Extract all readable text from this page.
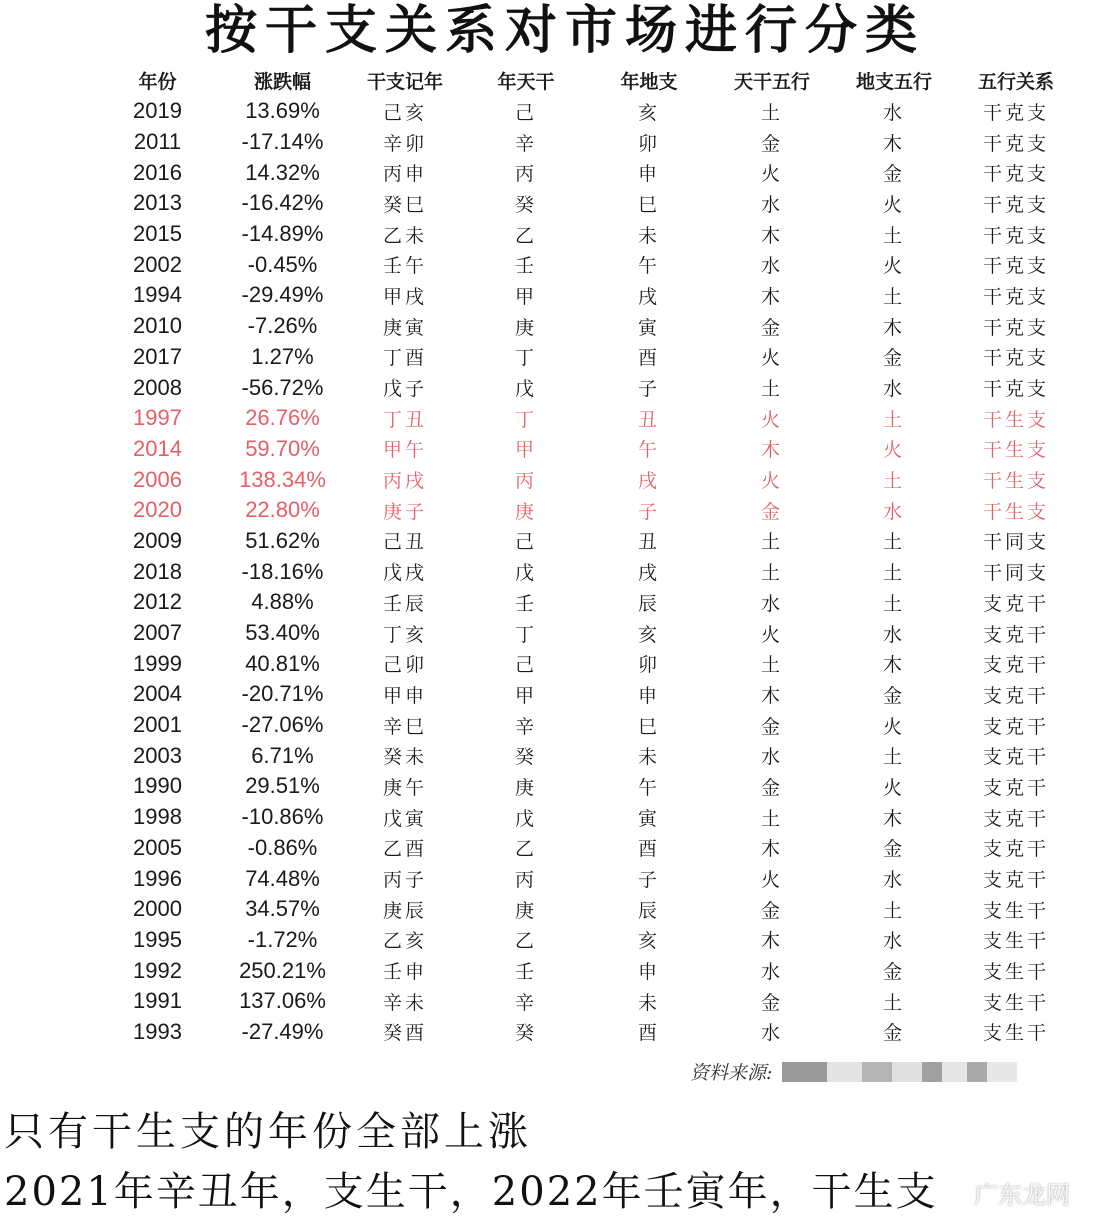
按干支关系对市场进行分类
年份	涨跌幅	干支记年	年天干	年地支	天干五行	地支五行	五行关系
2019	13.69%	己亥	己	亥	土	水	干克支
2011	-17.14%	辛卯	辛	卯	金	木	干克支
2016	14.32%	丙申	丙	申	火	金	干克支
2013	-16.42%	癸巳	癸	巳	水	火	干克支
2015	-14.89%	乙未	乙	未	木	土	干克支
2002	-0.45%	壬午	壬	午	水	火	干克支
1994	-29.49%	甲戌	甲	戌	木	土	干克支
2010	-7.26%	庚寅	庚	寅	金	木	干克支
2017	1.27%	丁酉	丁	酉	火	金	干克支
2008	-56.72%	戊子	戊	子	土	水	干克支
1997	26.76%	丁丑	丁	丑	火	土	干生支
2014	59.70%	甲午	甲	午	木	火	干生支
2006	138.34%	丙戌	丙	戌	火	土	干生支
2020	22.80%	庚子	庚	子	金	水	干生支
2009	51.62%	己丑	己	丑	土	土	干同支
2018	-18.16%	戊戌	戊	戌	土	土	干同支
2012	4.88%	壬辰	壬	辰	水	土	支克干
2007	53.40%	丁亥	丁	亥	火	水	支克干
1999	40.81%	己卯	己	卯	土	木	支克干
2004	-20.71%	甲申	甲	申	木	金	支克干
2001	-27.06%	辛巳	辛	巳	金	火	支克干
2003	6.71%	癸未	癸	未	水	土	支克干
1990	29.51%	庚午	庚	午	金	火	支克干
1998	-10.86%	戊寅	戊	寅	土	木	支克干
2005	-0.86%	乙酉	乙	酉	木	金	支克干
1996	74.48%	丙子	丙	子	火	水	支克干
2000	34.57%	庚辰	庚	辰	金	土	支生干
1995	-1.72%	乙亥	乙	亥	木	水	支生干
1992	250.21%	壬申	壬	申	水	金	支生干
1991	137.06%	辛未	辛	未	金	土	支生干
1993	-27.49%	癸酉	癸	酉	水	金	支生干
资料来源:
只有干生支的年份全部上涨
2021年辛丑年，支生干，2022年壬寅年，干生支 广东龙网
